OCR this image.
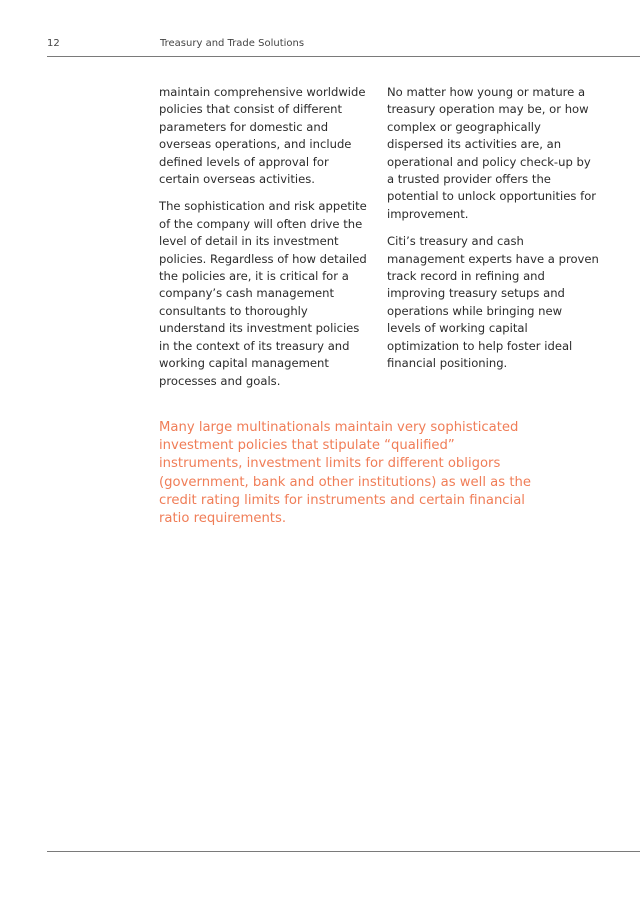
12	Treasury and Trade Solutions

maintain comprehensive worldwide policies that consist of different parameters for domestic and overseas operations, and include defined levels of approval for certain overseas activities.

The sophistication and risk appetite of the company will often drive the level of detail in its investment policies. Regardless of how detailed the policies are, it is critical for a company’s cash management consultants to thoroughly understand its investment policies in the context of its treasury and working capital management processes and goals.

No matter how young or mature a treasury operation may be, or how complex or geographically dispersed its activities are, an operational and policy check-up by a trusted provider offers the potential to unlock opportunities for improvement.

Citi’s treasury and cash management experts have a proven track record in refining and improving treasury setups and operations while bringing new levels of working capital optimization to help foster ideal financial positioning.

Many large multinationals maintain very sophisticated investment policies that stipulate “qualified” instruments, investment limits for different obligors (government, bank and other institutions) as well as the credit rating limits for instruments and certain financial ratio requirements.
